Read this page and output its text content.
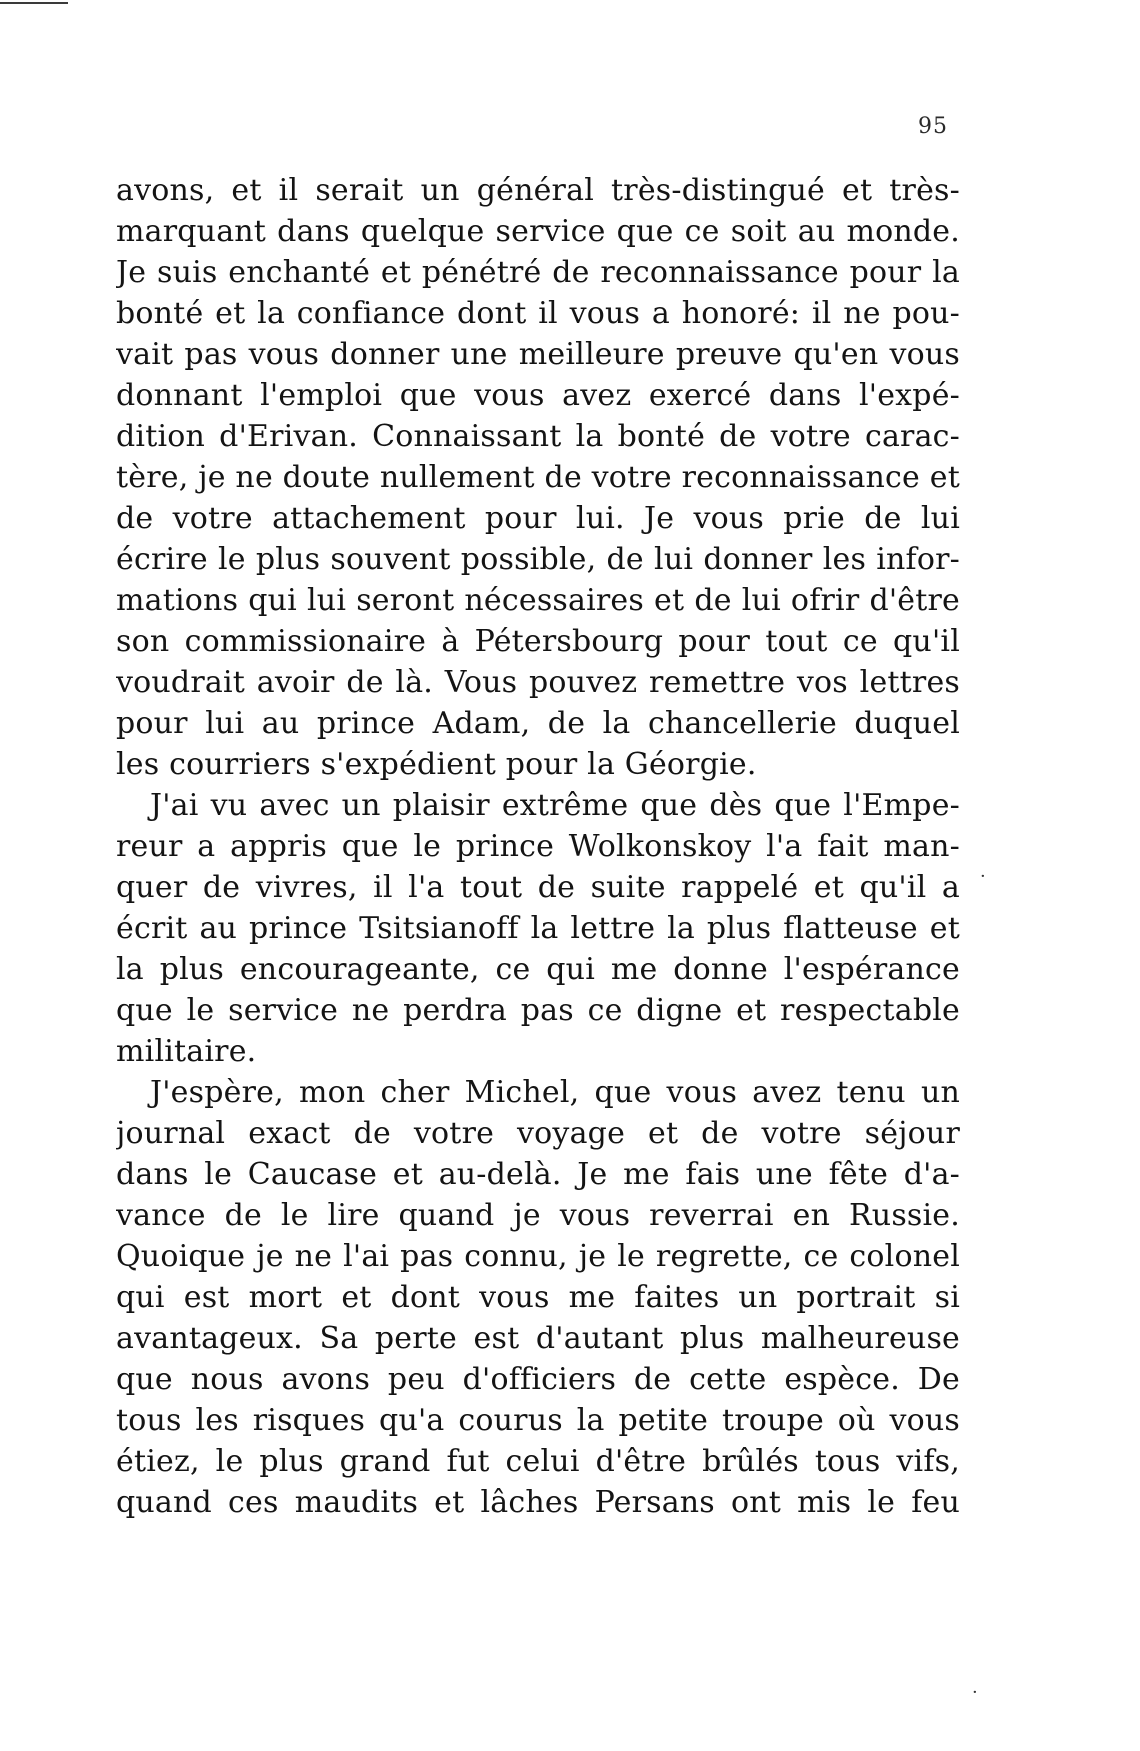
95
avons, et il serait un général très-distingué et très-
marquant dans quelque service que ce soit au monde.
Je suis enchanté et pénétré de reconnaissance pour la
bonté et la confiance dont il vous a honoré: il ne pou-
vait pas vous donner une meilleure preuve qu'en vous
donnant l'emploi que vous avez exercé dans l'expé-
dition d'Erivan. Connaissant la bonté de votre carac-
tère, je ne doute nullement de votre reconnaissance et
de votre attachement pour lui. Je vous prie de lui
écrire le plus souvent possible, de lui donner les infor-
mations qui lui seront nécessaires et de lui ofrir d'être
son commissionaire à Pétersbourg pour tout ce qu'il
voudrait avoir de là. Vous pouvez remettre vos lettres
pour lui au prince Adam, de la chancellerie duquel
les courriers s'expédient pour la Géorgie.
J'ai vu avec un plaisir extrême que dès que l'Empe-
reur a appris que le prince Wolkonskoy l'a fait man-
quer de vivres, il l'a tout de suite rappelé et qu'il a
écrit au prince Tsitsianoff la lettre la plus flatteuse et
la plus encourageante, ce qui me donne l'espérance
que le service ne perdra pas ce digne et respectable
militaire.
J'espère, mon cher Michel, que vous avez tenu un
journal exact de votre voyage et de votre séjour
dans le Caucase et au-delà. Je me fais une fête d'a-
vance de le lire quand je vous reverrai en Russie.
Quoique je ne l'ai pas connu, je le regrette, ce colonel
qui est mort et dont vous me faites un portrait si
avantageux. Sa perte est d'autant plus malheureuse
que nous avons peu d'officiers de cette espèce. De
tous les risques qu'a courus la petite troupe où vous
étiez, le plus grand fut celui d'être brûlés tous vifs,
quand ces maudits et lâches Persans ont mis le feu
·
·
